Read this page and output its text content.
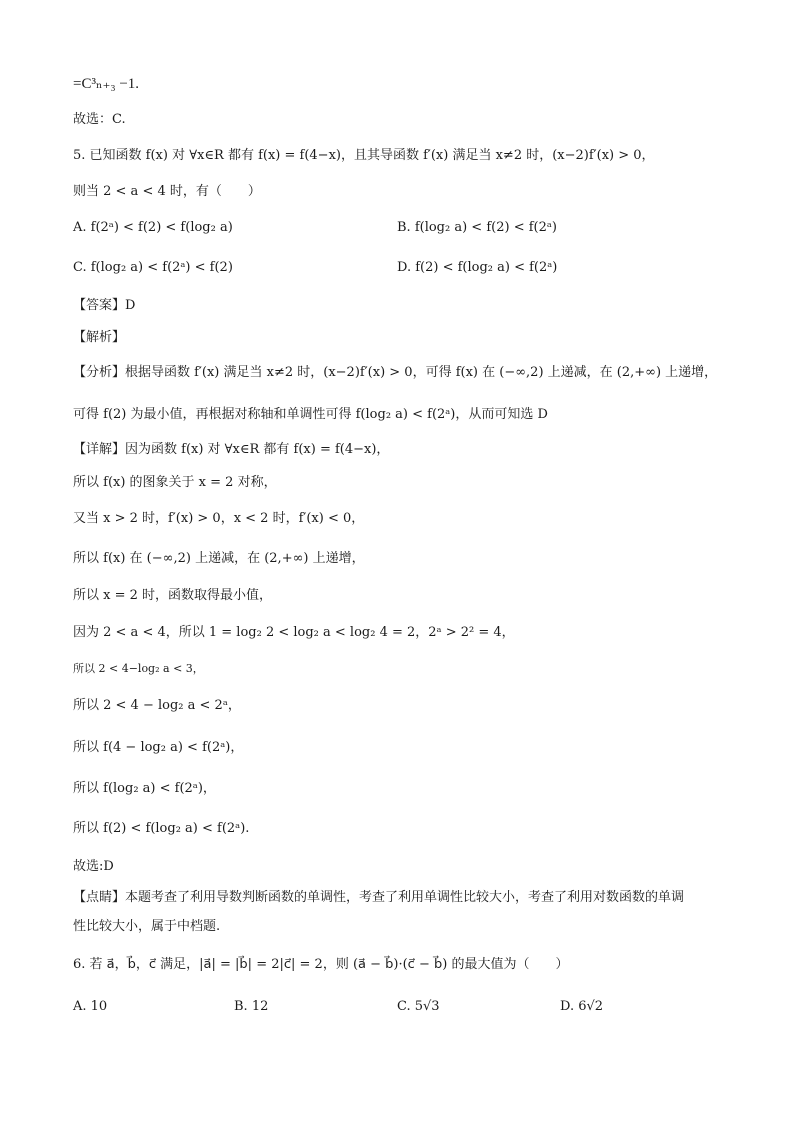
=C³ₙ₊₃ −1.
故选：C.
5. 已知函数 f(x) 对 ∀x∈R 都有 f(x) = f(4−x)，且其导函数 f′(x) 满足当 x≠2 时，(x−2)f′(x) > 0，
则当 2 < a < 4 时，有（　　）
A. f(2ᵃ) < f(2) < f(log₂ a)	B. f(log₂ a) < f(2) < f(2ᵃ)
C. f(log₂ a) < f(2ᵃ) < f(2)	D. f(2) < f(log₂ a) < f(2ᵃ)
【答案】D
【解析】
【分析】根据导函数 f′(x) 满足当 x≠2 时，(x−2)f′(x) > 0，可得 f(x) 在 (−∞,2) 上递减，在 (2,+∞) 上递增，
可得 f(2) 为最小值，再根据对称轴和单调性可得 f(log₂ a) < f(2ᵃ)，从而可知选 D
【详解】因为函数 f(x) 对 ∀x∈R 都有 f(x) = f(4−x)，
所以 f(x) 的图象关于 x = 2 对称，
又当 x > 2 时，f′(x) > 0，x < 2 时，f′(x) < 0，
所以 f(x) 在 (−∞,2) 上递减，在 (2,+∞) 上递增，
所以 x = 2 时，函数取得最小值，
因为 2 < a < 4，所以 1 = log₂ 2 < log₂ a < log₂ 4 = 2，2ᵃ > 2² = 4，
所以 2 < 4−log₂ a < 3，
所以 2 < 4 − log₂ a < 2ᵃ，
所以 f(4 − log₂ a) < f(2ᵃ)，
所以 f(log₂ a) < f(2ᵃ)，
所以 f(2) < f(log₂ a) < f(2ᵃ).
故选:D
【点睛】本题考查了利用导数判断函数的单调性，考查了利用单调性比较大小，考查了利用对数函数的单调
性比较大小，属于中档题.
6. 若 a⃗，b⃗，c⃗ 满足，|a⃗| = |b⃗| = 2|c⃗| = 2，则 (a⃗ − b⃗)·(c⃗ − b⃗) 的最大值为（　　）
A. 10	B. 12	C. 5√3	D. 6√2
